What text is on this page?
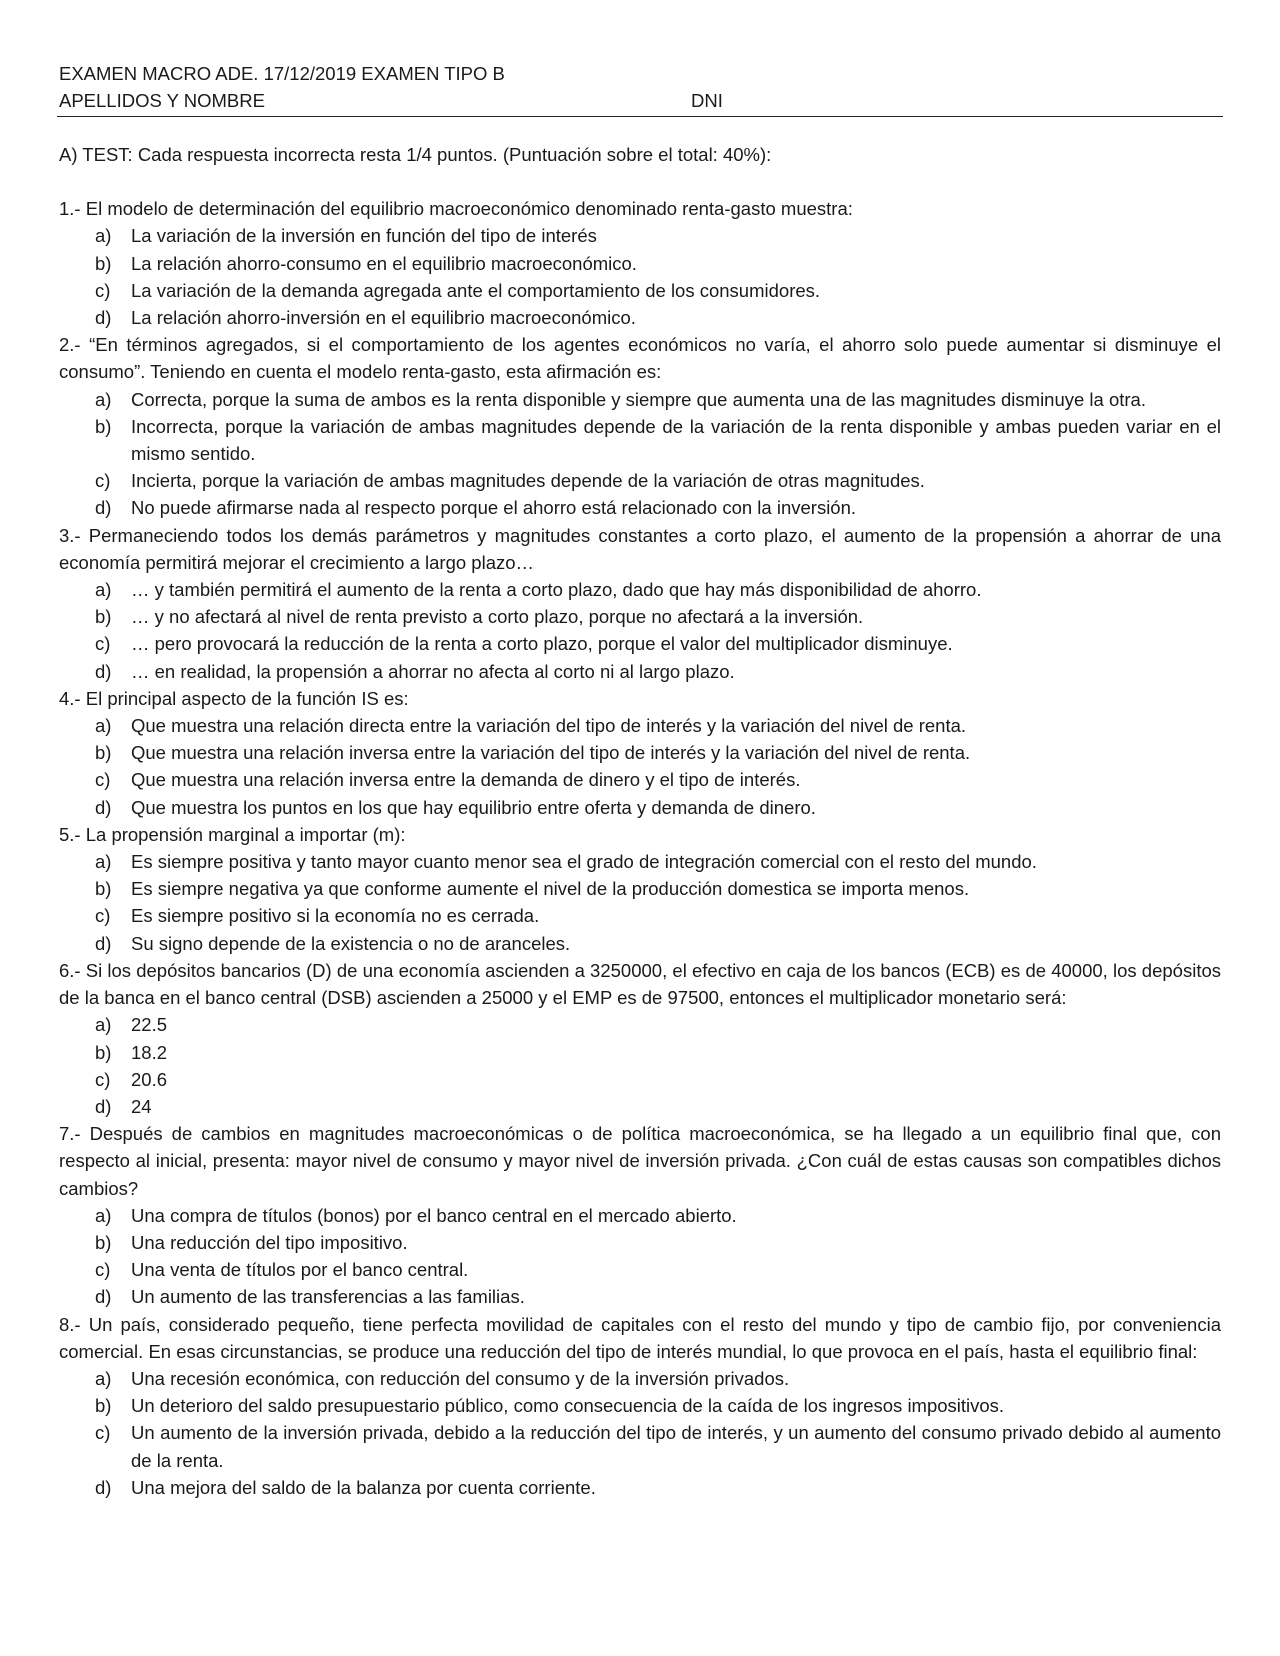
EXAMEN MACRO ADE. 17/12/2019 EXAMEN TIPO B
APELLIDOS Y NOMBRE	DNI

A) TEST: Cada respuesta incorrecta resta 1/4 puntos. (Puntuación sobre el total: 40%):

1.- El modelo de determinación del equilibrio macroeconómico denominado renta-gasto muestra:

a)	La variación de la inversión en función del tipo de interés
b)	La relación ahorro-consumo en el equilibrio macroeconómico.
c)	La variación de la demanda agregada ante el comportamiento de los consumidores.
d)	La relación ahorro-inversión en el equilibrio macroeconómico.

2.- “En términos agregados, si el comportamiento de los agentes económicos no varía, el ahorro solo puede aumentar si disminuye el consumo”. Teniendo en cuenta el modelo renta-gasto, esta afirmación es:

a)	Correcta, porque la suma de ambos es la renta disponible y siempre que aumenta una de las magnitudes disminuye la otra.
b)	Incorrecta, porque la variación de ambas magnitudes depende de la variación de la renta disponible y ambas pueden variar en el mismo sentido.
c)	Incierta, porque la variación de ambas magnitudes depende de la variación de otras magnitudes.
d)	No puede afirmarse nada al respecto porque el ahorro está relacionado con la inversión.

3.- Permaneciendo todos los demás parámetros y magnitudes constantes a corto plazo, el aumento de la propensión a ahorrar de una economía permitirá mejorar el crecimiento a largo plazo…

a)	… y también permitirá el aumento de la renta a corto plazo, dado que hay más disponibilidad de ahorro.
b)	… y no afectará al nivel de renta previsto a corto plazo, porque no afectará a la inversión.
c)	… pero provocará la reducción de la renta a corto plazo, porque el valor del multiplicador disminuye.
d)	… en realidad, la propensión a ahorrar no afecta al corto ni al largo plazo.

4.- El principal aspecto de la función IS es:

a)	Que muestra una relación directa entre la variación del tipo de interés y la variación del nivel de renta.
b)	Que muestra una relación inversa entre la variación del tipo de interés y la variación del nivel de renta.
c)	Que muestra una relación inversa entre la demanda de dinero y el tipo de interés.
d)	Que muestra los puntos en los que hay equilibrio entre oferta y demanda de dinero.

5.- La propensión marginal a importar (m):

a)	Es siempre positiva y tanto mayor cuanto menor sea el grado de integración comercial con el resto del mundo.
b)	Es siempre negativa ya que conforme aumente el nivel de la producción domestica se importa menos.
c)	Es siempre positivo si la economía no es cerrada.
d)	Su signo depende de la existencia o no de aranceles.

6.- Si los depósitos bancarios (D) de una economía ascienden a 3250000, el efectivo en caja de los bancos (ECB) es de 40000, los depósitos de la banca en el banco central (DSB) ascienden a 25000 y el EMP es de 97500, entonces el multiplicador monetario será:

a)	22.5
b)	18.2
c)	20.6
d)	24

7.- Después de cambios en magnitudes macroeconómicas o de política macroeconómica, se ha llegado a un equilibrio final que, con respecto al inicial, presenta: mayor nivel de consumo y mayor nivel de inversión privada. ¿Con cuál de estas causas son compatibles dichos cambios?

a)	Una compra de títulos (bonos) por el banco central en el mercado abierto.
b)	Una reducción del tipo impositivo.
c)	Una venta de títulos por el banco central.
d)	Un aumento de las transferencias a las familias.

8.- Un país, considerado pequeño, tiene perfecta movilidad de capitales con el resto del mundo y tipo de cambio fijo, por conveniencia comercial. En esas circunstancias, se produce una reducción del tipo de interés mundial, lo que provoca en el país, hasta el equilibrio final:

a)	Una recesión económica, con reducción del consumo y de la inversión privados.
b)	Un deterioro del saldo presupuestario público, como consecuencia de la caída de los ingresos impositivos.
c)	Un aumento de la inversión privada, debido a la reducción del tipo de interés, y un aumento del consumo privado debido al aumento de la renta.
d)	Una mejora del saldo de la balanza por cuenta corriente.
